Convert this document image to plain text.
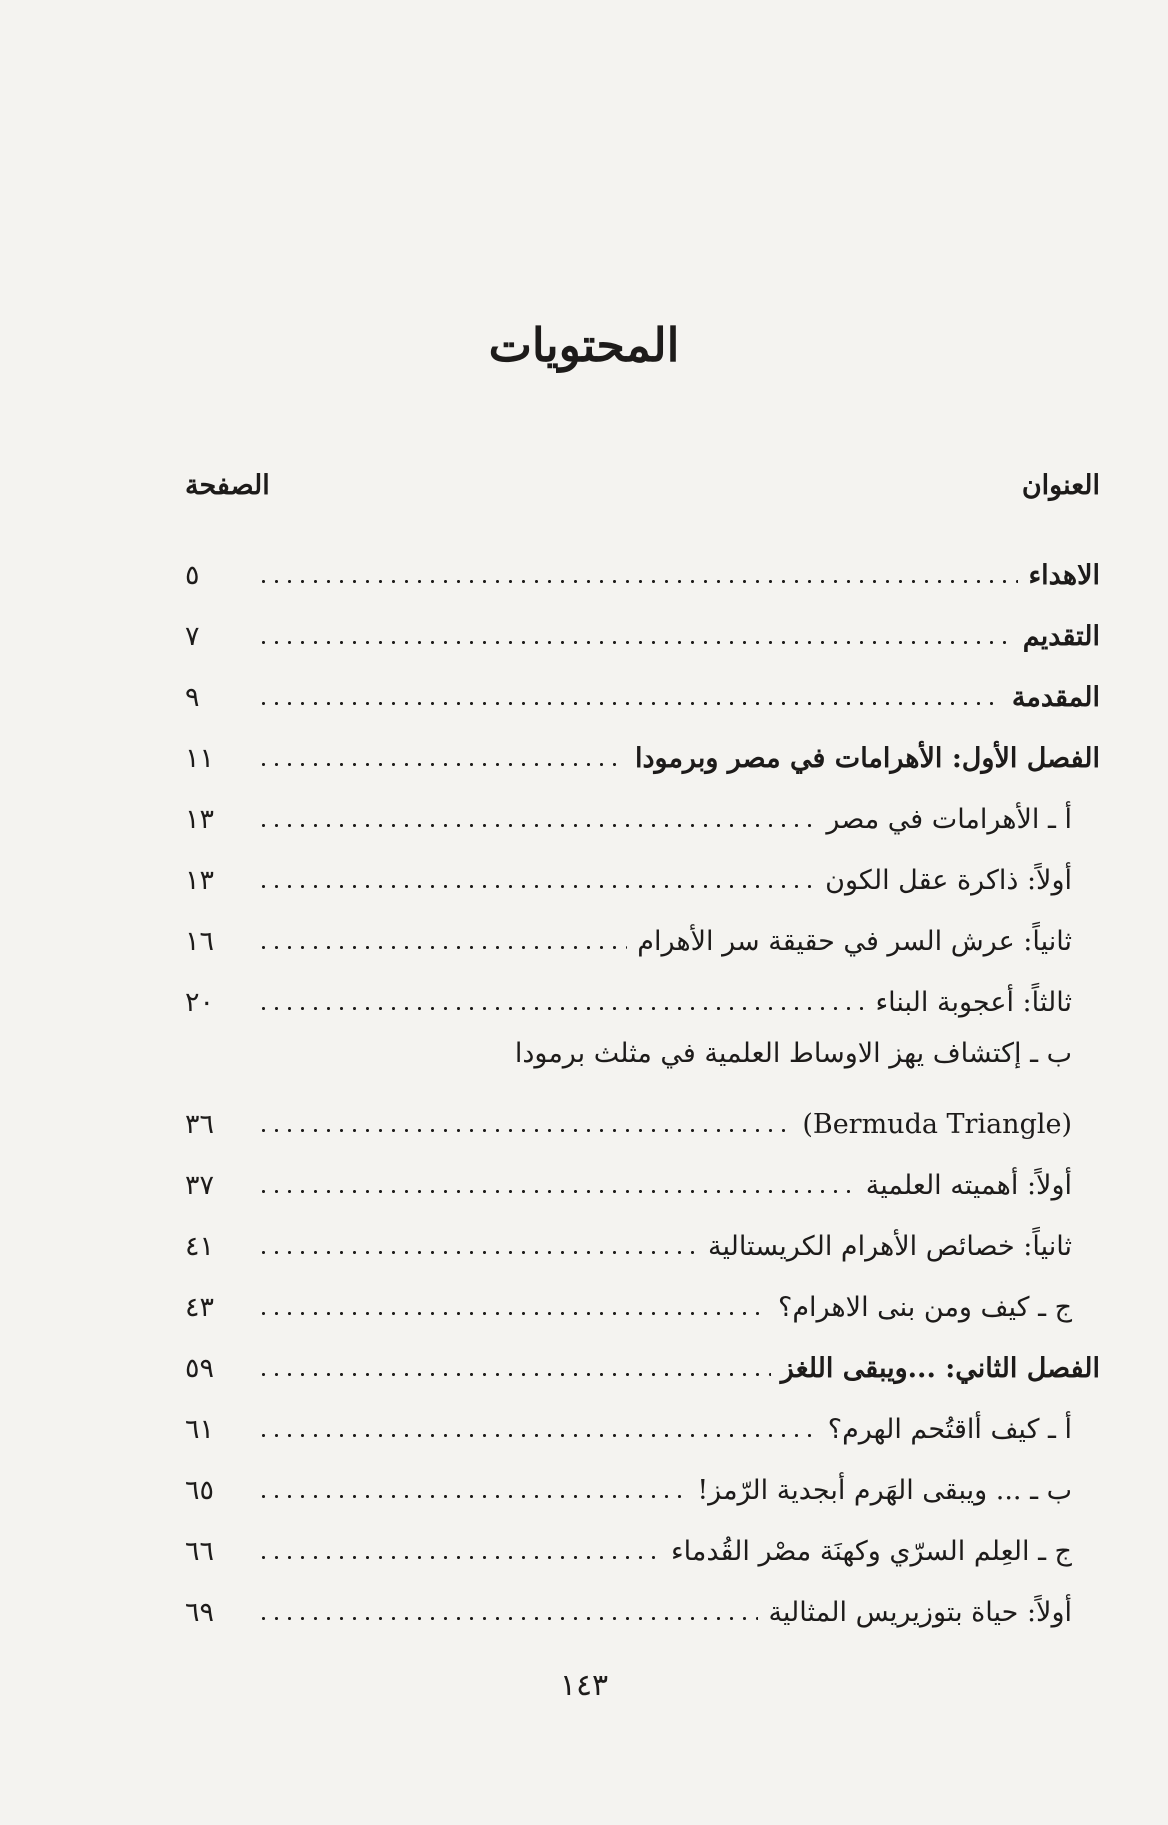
المحتويات
العنوان
الصفحة
الاهداء
٥
التقديم
٧
المقدمة
٩
الفصل الأول: الأهرامات في مصر وبرمودا
١١
أ ـ الأهرامات في مصر
١٣
أولاً: ذاكرة عقل الكون
١٣
ثانياً: عرش السر في حقيقة سر الأهرام
١٦
ثالثاً: أعجوبة البناء
٢٠
ب ـ إكتشاف يهز الاوساط العلمية في مثلث برمودا
(Bermuda Triangle)
٣٦
أولاً: أهميته العلمية
٣٧
ثانياً: خصائص الأهرام الكريستالية
٤١
ج ـ كيف ومن بنى الاهرام؟
٤٣
الفصل الثاني: ...ويبقى اللغز
٥٩
أ ـ كيف أاقتُحم الهرم؟
٦١
ب ـ ... ويبقى الهَرم أبجدية الرّمز!
٦٥
ج ـ العِلم السرّي وكهنَة مصْر القُدماء
٦٦
أولاً: حياة بتوزيريس المثالية
٦٩
١٤٣
